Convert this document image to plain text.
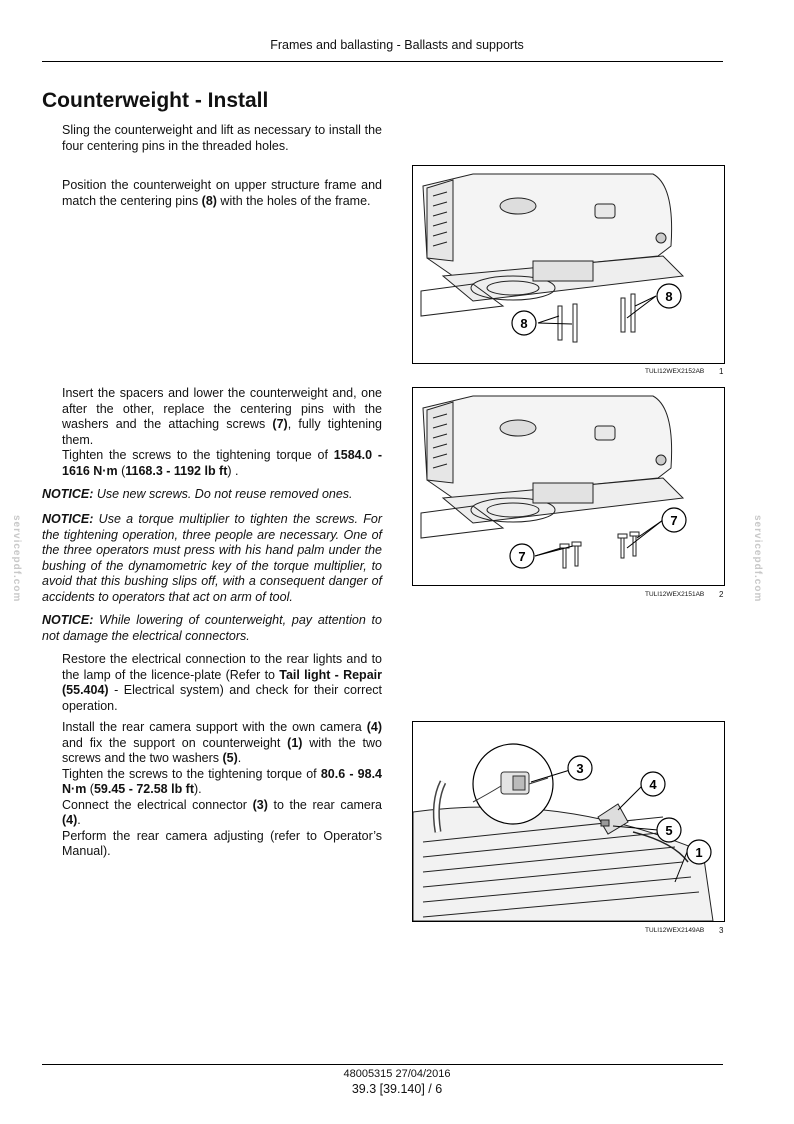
Frames and ballasting - Ballasts and supports
Counterweight - Install
Sling the counterweight and lift as necessary to install the four centering pins in the threaded holes.
Position the counterweight on upper structure frame and match the centering pins (8) with the holes of the frame.
Insert the spacers and lower the counterweight and, one after the other, replace the centering pins with the washers and the attaching screws (7), fully tightening them.
Tighten the screws to the tightening torque of 1584.0 - 1616 N·m (1168.3 - 1192 lb ft) .
NOTICE: Use new screws. Do not reuse removed ones.
NOTICE: Use a torque multiplier to tighten the screws. For the tightening operation, three people are necessary. One of the three operators must press with his hand palm under the bushing of the dynamometric key of the torque multiplier, to avoid that this bushing slips off, with a consequent danger of accidents to operators that act on arm of tool.
NOTICE: While lowering of counterweight, pay attention to not damage the electrical connectors.
Restore the electrical connection to the rear lights and to the lamp of the licence-plate (Refer to Tail light - Repair (55.404) - Electrical system) and check for their correct operation.
Install the rear camera support with the own camera (4) and fix the support on counterweight (1) with the two screws and the two washers (5).
Tighten the screws to the tightening torque of 80.6 - 98.4 N·m (59.45 - 72.58 lb ft).
Connect the electrical connector (3) to the rear camera (4).
Perform the rear camera adjusting (refer to Operator’s Manual).
8
8
TULI12WEX2152AB 1
7
7
TULI12WEX2151AB 2
3
4
5
1
TULI12WEX2149AB 3
servicepdf.com	servicepdf.com
48005315 27/04/2016
39.3 [39.140] / 6
